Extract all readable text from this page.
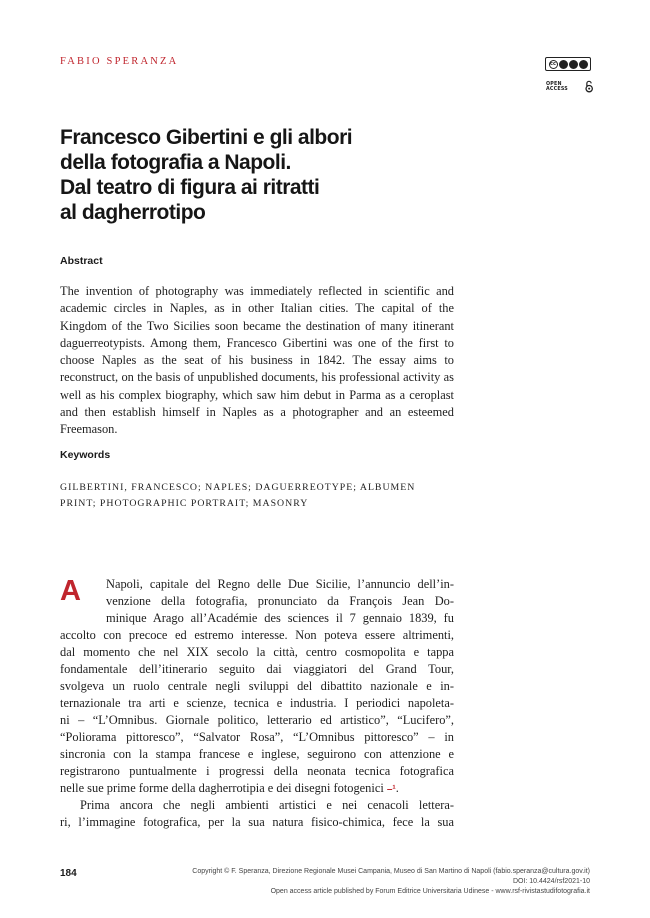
FABIO SPERANZA	cc
OPEN ACCESS
Francesco Gibertini e gli albori
della fotografia a Napoli.
Dal teatro di figura ai ritratti
al dagherrotipo
Abstract

The invention of photography was immediately reflected in scientific and academic circles in Naples, as in other Italian cities. The capital of the Kingdom of the Two Sicilies soon became the destination of many itinerant daguerreotypists. Among them, Francesco Gibertini was one of the first to choose Naples as the seat of his business in 1842. The essay aims to reconstruct, on the basis of unpublished documents, his professional activity as well as his complex biography, which saw him debut in Parma as a ceroplast and then establish himself in Naples as a photographer and an esteemed Freemason.

Keywords
GILBERTINI, FRANCESCO; NAPLES; DAGUERREOTYPE; ALBUMEN
PRINT; PHOTOGRAPHIC PORTRAIT; MASONRY
A Napoli, capitale del Regno delle Due Sicilie, l’annuncio dell’in-

venzione della fotografia, pronunciato da François Jean Do-

minique Arago all’Académie des sciences il 7 gennaio 1839, fu

accolto con precoce ed estremo interesse. Non poteva essere altrimenti,

dal momento che nel XIX secolo la città, centro cosmopolita e tappa

fondamentale dell’itinerario seguito dai viaggiatori del Grand Tour,

svolgeva un ruolo centrale negli sviluppi del dibattito nazionale e in-

ternazionale tra arti e scienze, tecnica e industria. I periodici napoleta-

ni – “L’Omnibus. Giornale politico, letterario ed artistico”, “Lucifero”,

“Poliorama pittoresco”, “Salvator Rosa”, “L’Omnibus pittoresco” – in

sincronia con la stampa francese e inglese, seguirono con attenzione e

registrarono puntualmente i progressi della neonata tecnica fotografica

nelle sue prime forme della dagherrotipia e dei disegni fotogenici –¹.

Prima ancora che negli ambienti artistici e nei cenacoli lettera-

ri, l’immagine fotografica, per la sua natura fisico-chimica, fece la sua

184	Copyright © F. Speranza, Direzione Regionale Musei Campania, Museo di San Martino di Napoli (fabio.speranza@cultura.gov.it)
DOI: 10.4424/rsf2021-10
Open access article published by Forum Editrice Universitaria Udinese - www.rsf-rivistastudifotografia.it
